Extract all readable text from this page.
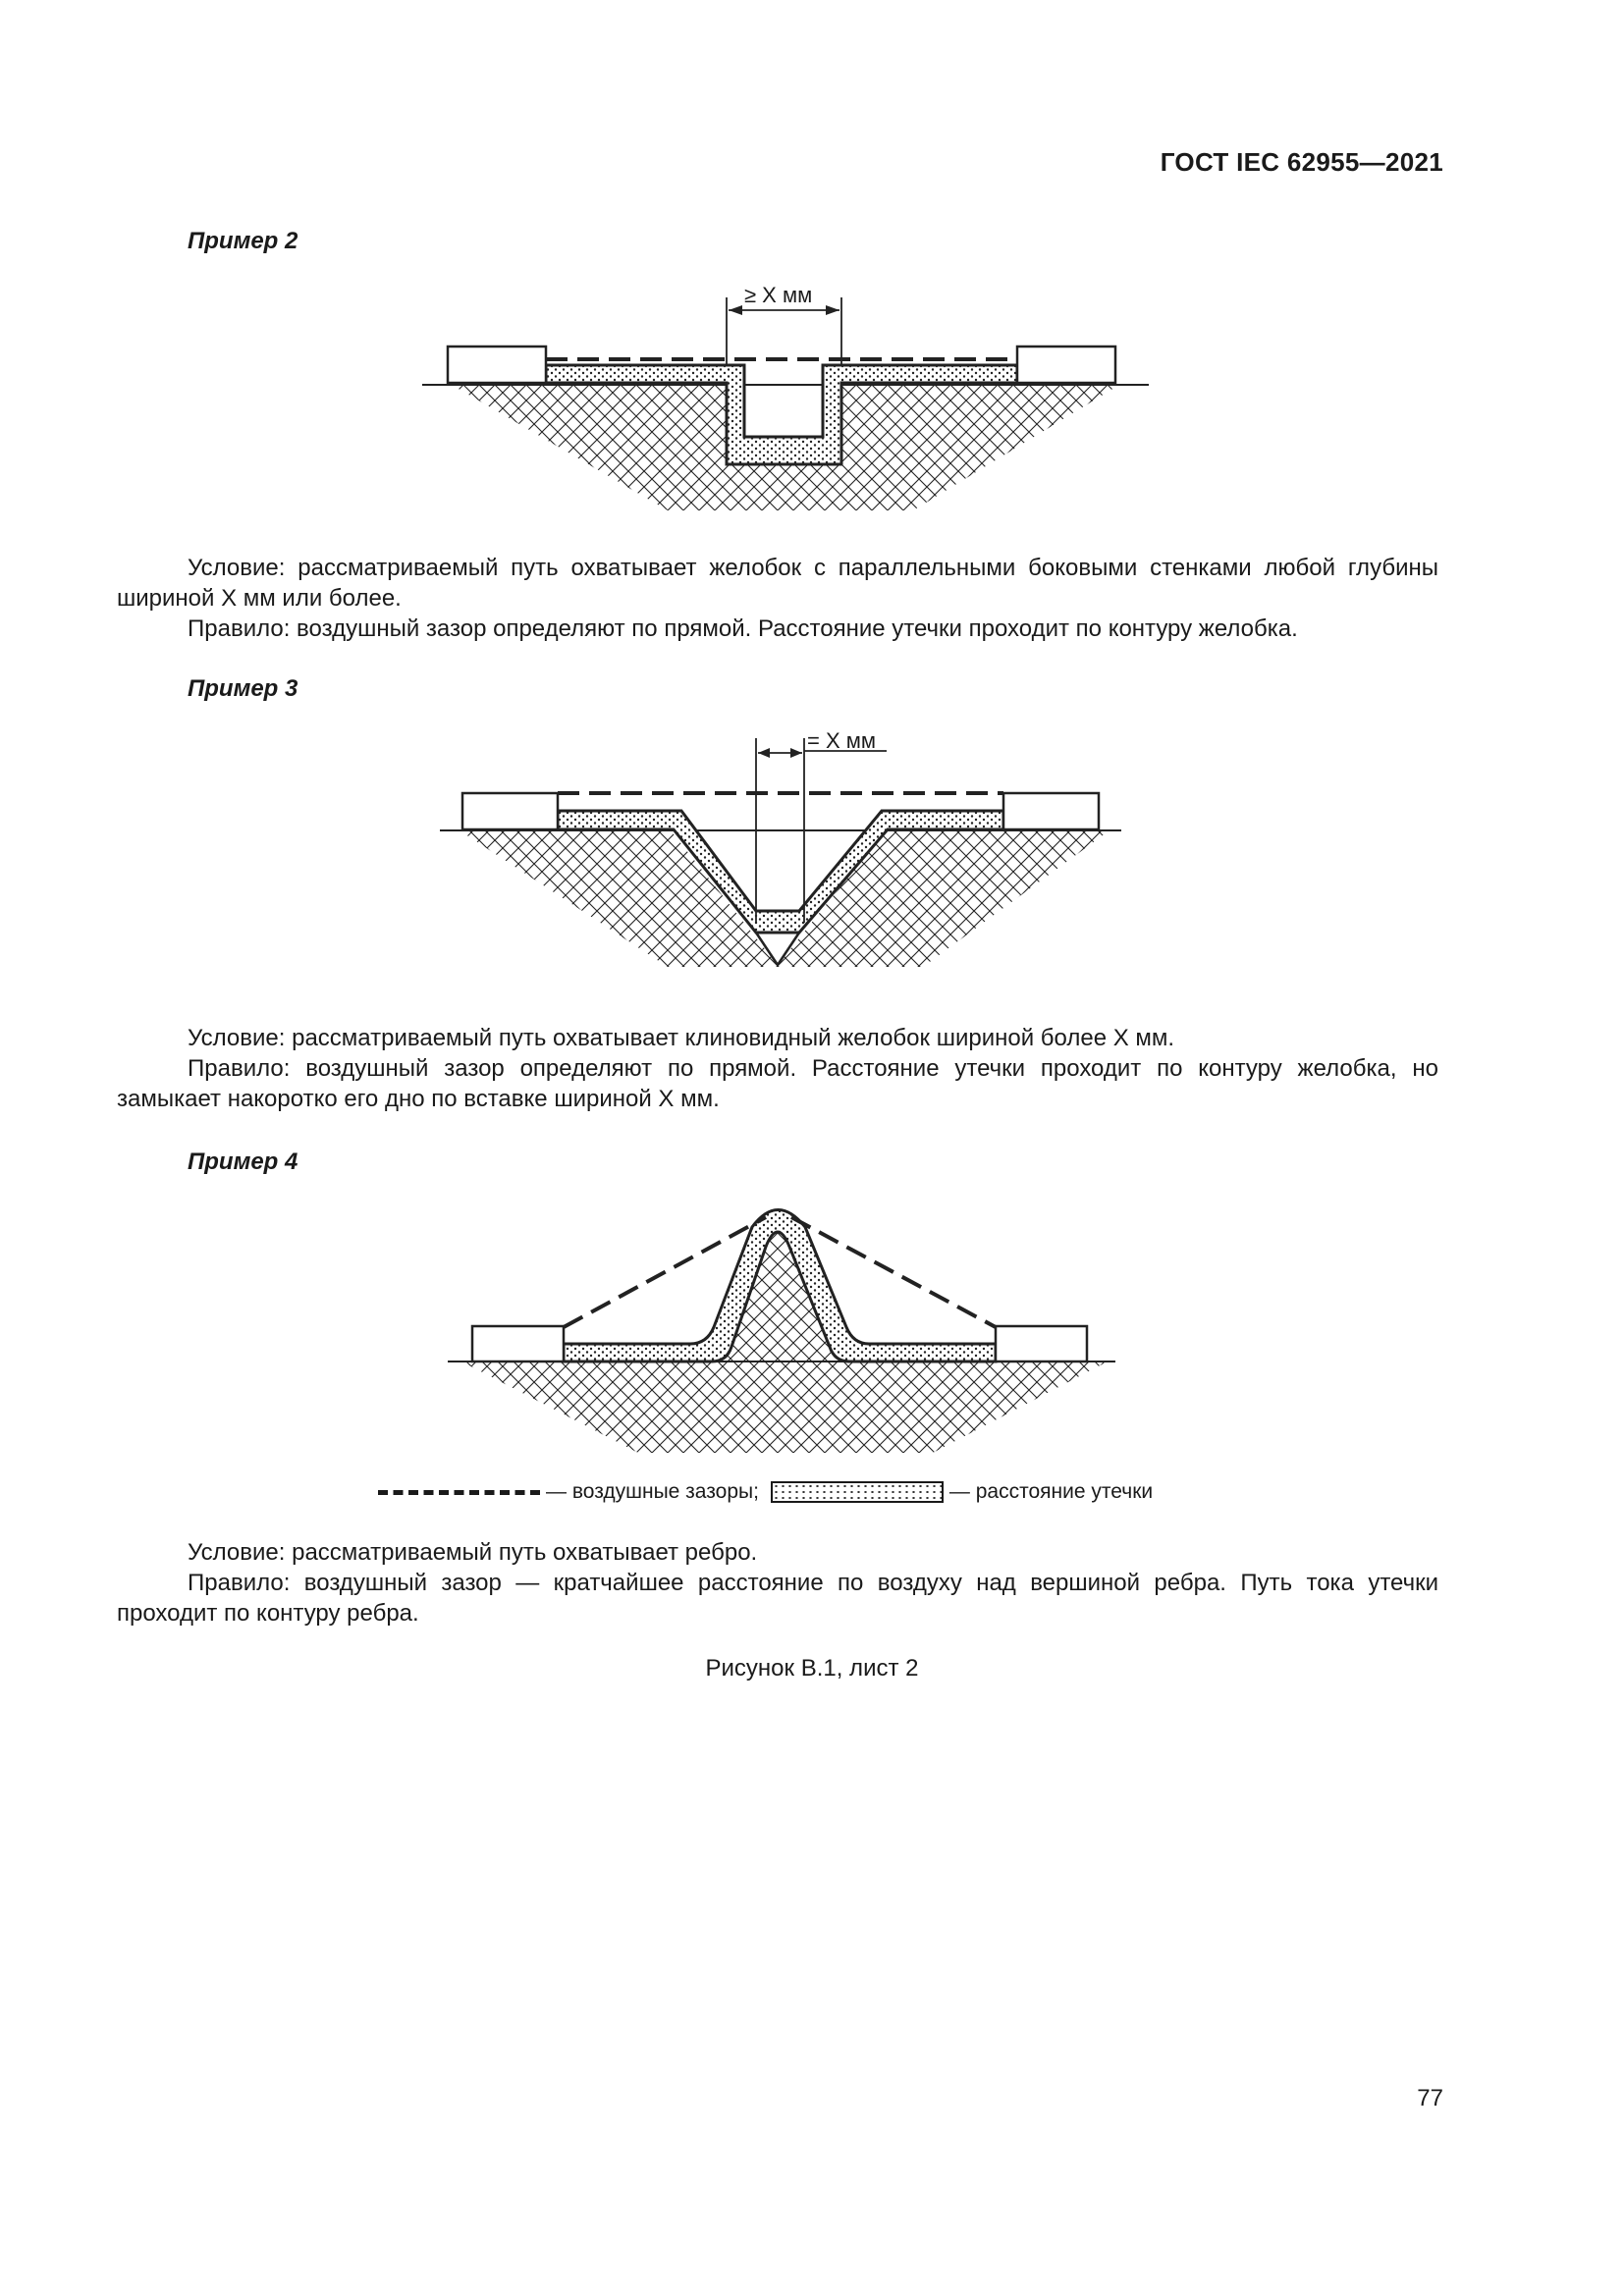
ГОСТ IEC 62955—2021
Пример 2
≥ X мм

Условие: рассматриваемый путь охватывает желобок с параллельными боковыми стенками любой глубины шириной X мм или более.

Правило: воздушный зазор определяют по прямой. Расстояние утечки проходит по контуру желобка.

Пример 3
= X мм

Условие: рассматриваемый путь охватывает клиновидный желобок шириной более X мм.

Правило: воздушный зазор определяют по прямой. Расстояние утечки проходит по контуру желобка, но замыкает накоротко его дно по вставке шириной X мм.

Пример 4
— воздушные зазоры;	— расстояние утечки

Условие: рассматриваемый путь охватывает ребро.

Правило: воздушный зазор — кратчайшее расстояние по воздуху над вершиной ребра. Путь тока утечки проходит по контуру ребра.

Рисунок B.1, лист 2
77
